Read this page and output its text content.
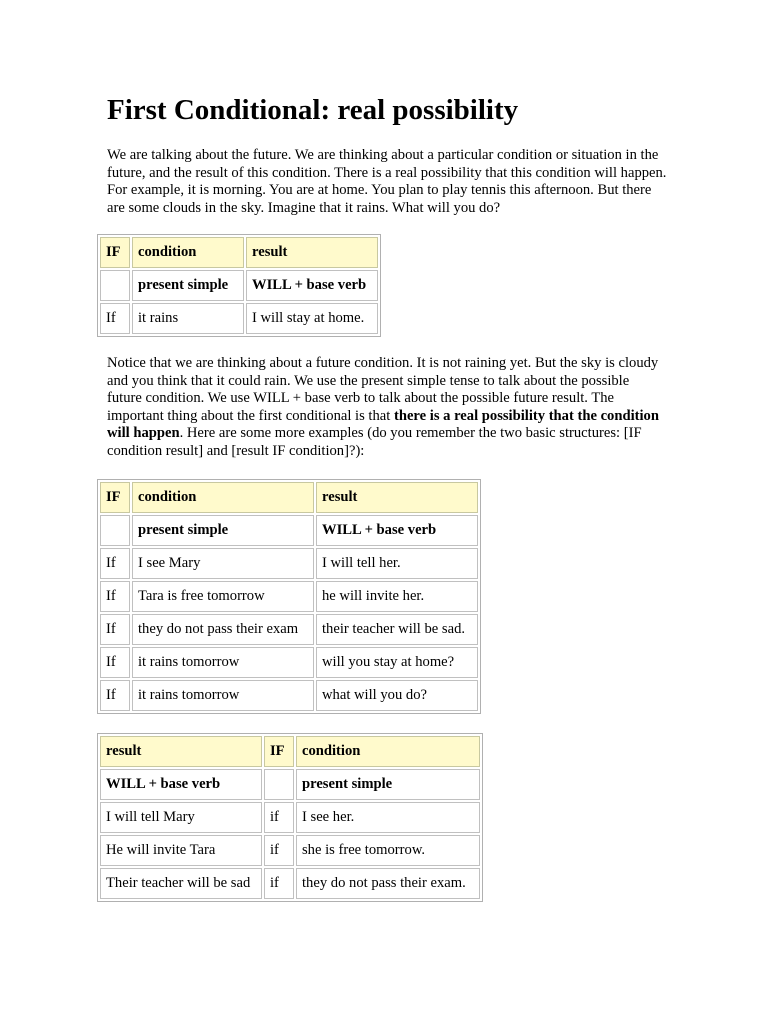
First Conditional: real possibility

We are talking about the future. We are thinking about a particular condition or situation in the future, and the result of this condition. There is a real possibility that this condition will happen. For example, it is morning. You are at home. You plan to play tennis this afternoon. But there are some clouds in the sky. Imagine that it rains. What will you do?

IF	condition	result
	present simple	WILL + base verb
If	it rains	I will stay at home.

Notice that we are thinking about a future condition. It is not raining yet. But the sky is cloudy and you think that it could rain. We use the present simple tense to talk about the possible future condition. We use WILL + base verb to talk about the possible future result. The important thing about the first conditional is that there is a real possibility that the condition will happen. Here are some more examples (do you remember the two basic structures: [IF condition result] and [result IF condition]?):

IF	condition	result
	present simple	WILL + base verb
If	I see Mary	I will tell her.
If	Tara is free tomorrow	he will invite her.
If	they do not pass their exam	their teacher will be sad.
If	it rains tomorrow	will you stay at home?
If	it rains tomorrow	what will you do?
result	IF	condition
WILL + base verb		present simple
I will tell Mary	if	I see her.
He will invite Tara	if	she is free tomorrow.
Their teacher will be sad	if	they do not pass their exam.
